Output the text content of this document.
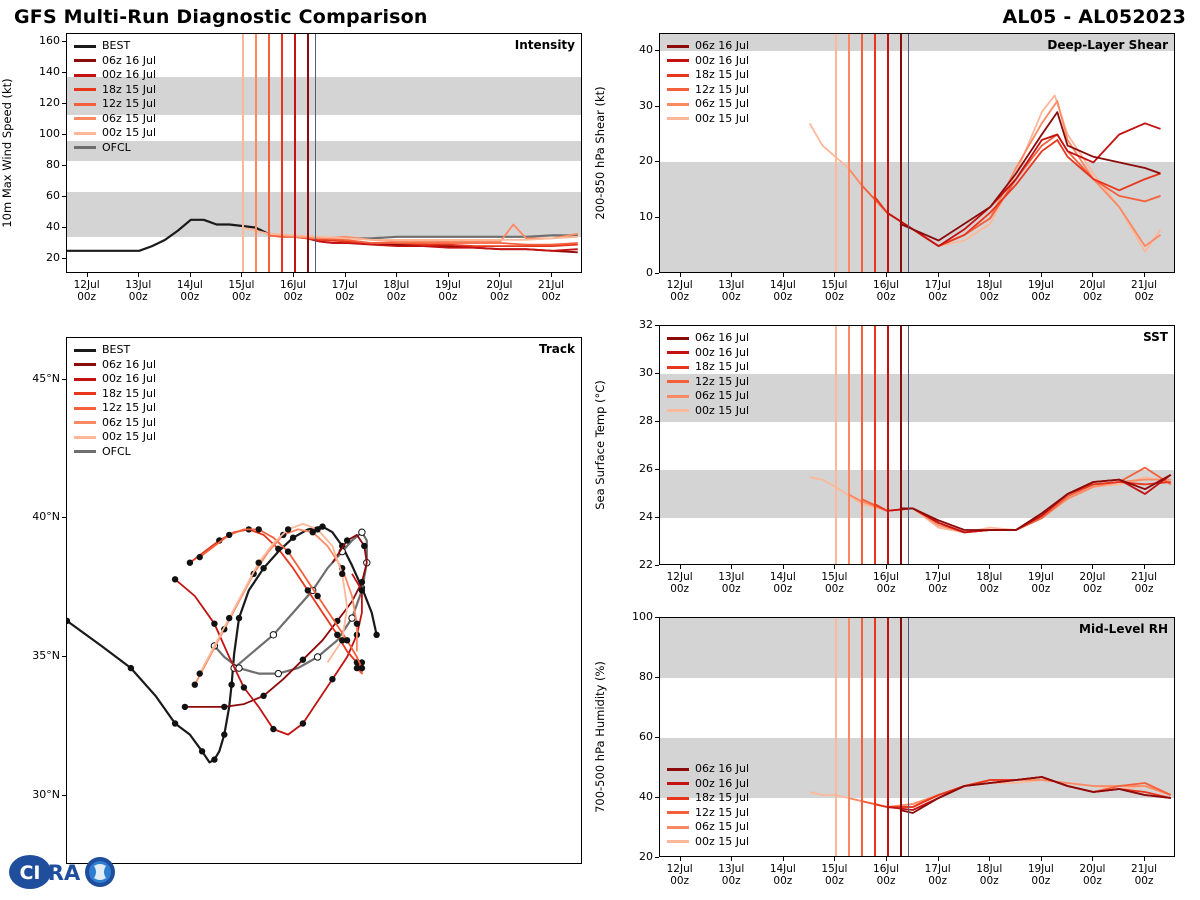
GFS Multi-Run Diagnostic Comparison	AL05 - AL052023
Intensity
20
40
60
80
100
120
140
160
10m Max Wind Speed (kt)
12Jul
00z
13Jul
00z
14Jul
00z
15Jul
00z
16Jul
00z
17Jul
00z
18Jul
00z
19Jul
00z
20Jul
00z
21Jul
00z
BEST
06z 16 Jul
00z 16 Jul
18z 15 Jul
12z 15 Jul
06z 15 Jul
00z 15 Jul
OFCL
Deep-Layer Shear
0
10
20
30
40
200-850 hPa Shear (kt)
12Jul
00z
13Jul
00z
14Jul
00z
15Jul
00z
16Jul
00z
17Jul
00z
18Jul
00z
19Jul
00z
20Jul
00z
21Jul
00z
06z 16 Jul
00z 16 Jul
18z 15 Jul
12z 15 Jul
06z 15 Jul
00z 15 Jul
SST
22
24
26
28
30
32
Sea Surface Temp (°C)
12Jul
00z
13Jul
00z
14Jul
00z
15Jul
00z
16Jul
00z
17Jul
00z
18Jul
00z
19Jul
00z
20Jul
00z
21Jul
00z
06z 16 Jul
00z 16 Jul
18z 15 Jul
12z 15 Jul
06z 15 Jul
00z 15 Jul
Mid-Level RH
20
40
60
80
100
700-500 hPa Humidity (%)
12Jul
00z
13Jul
00z
14Jul
00z
15Jul
00z
16Jul
00z
17Jul
00z
18Jul
00z
19Jul
00z
20Jul
00z
21Jul
00z
06z 16 Jul
00z 16 Jul
18z 15 Jul
12z 15 Jul
06z 15 Jul
00z 15 Jul
Track
30°N
35°N
40°N
45°N
BEST
06z 16 Jul
00z 16 Jul
18z 15 Jul
12z 15 Jul
06z 15 Jul
00z 15 Jul
OFCL
CI RA
